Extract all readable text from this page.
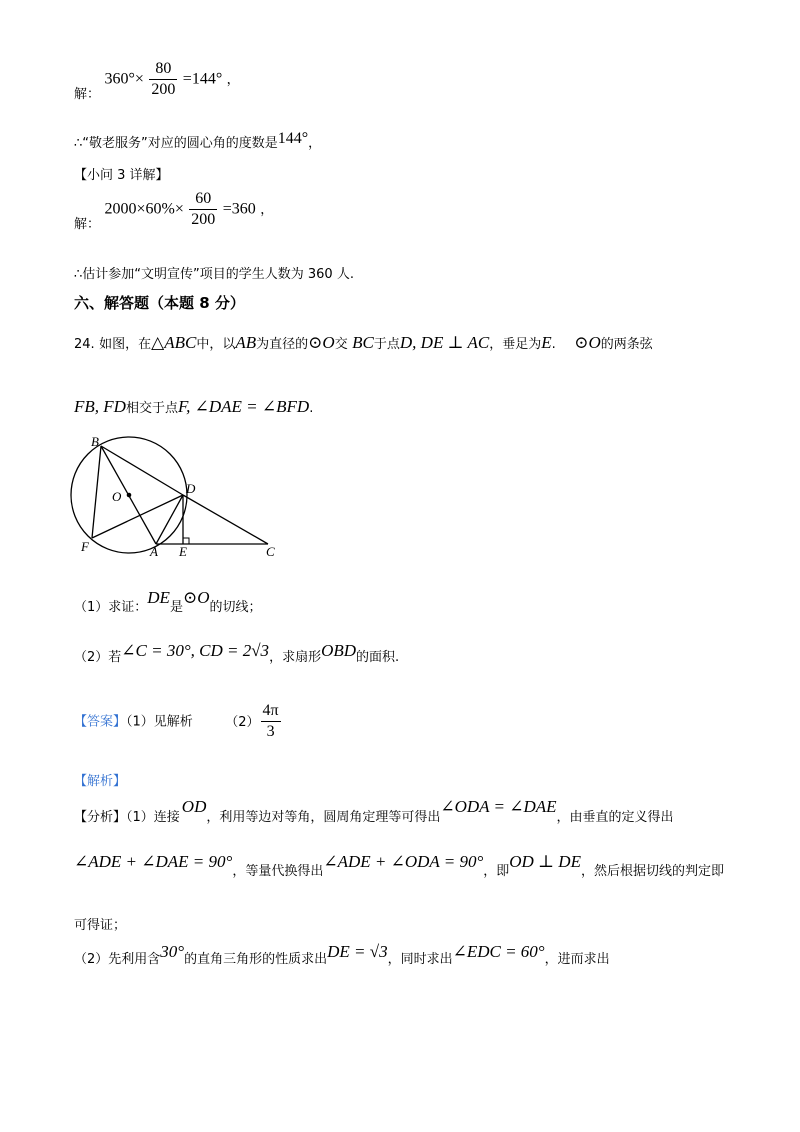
解： $360^\circ\times \frac{80}{200} =144^\circ$ ，
∴“敬老服务”对应的圆心角的度数是144°，
【小问 3 详解】
解： $2000\times 60\%\times \frac{60}{200} =360$ ，
∴估计参加“文明宣传”项目的学生人数为 360 人.
六、解答题（本题 8 分）
24. 如图，在△ABC中，以AB为直径的⊙O交 BC于点D, DE ⊥ AC，垂足为E. ⊙O的两条弦
FB, FD相交于点F, ∠DAE = ∠BFD.
B
O
D
F	A E	C
（1）求证：DE是⊙O的切线；
（2）若∠C = 30°, CD = 2√3，求扇形OBD的面积.
【答案】（1）见解析 $(2) \frac{4\pi}{3}$
【解析】
【分析】（1）连接OD，利用等边对等角，圆周角定理等可得出∠ODA = ∠DAE，由垂直的定义得出
∠ADE + ∠DAE = 90°，等量代换得出∠ADE + ∠ODA = 90°，即OD ⊥ DE，然后根据切线的判定即
可得证；
（2）先利用含30°的直角三角形的性质求出DE = √3，同时求出∠EDC = 60°，进而求出
